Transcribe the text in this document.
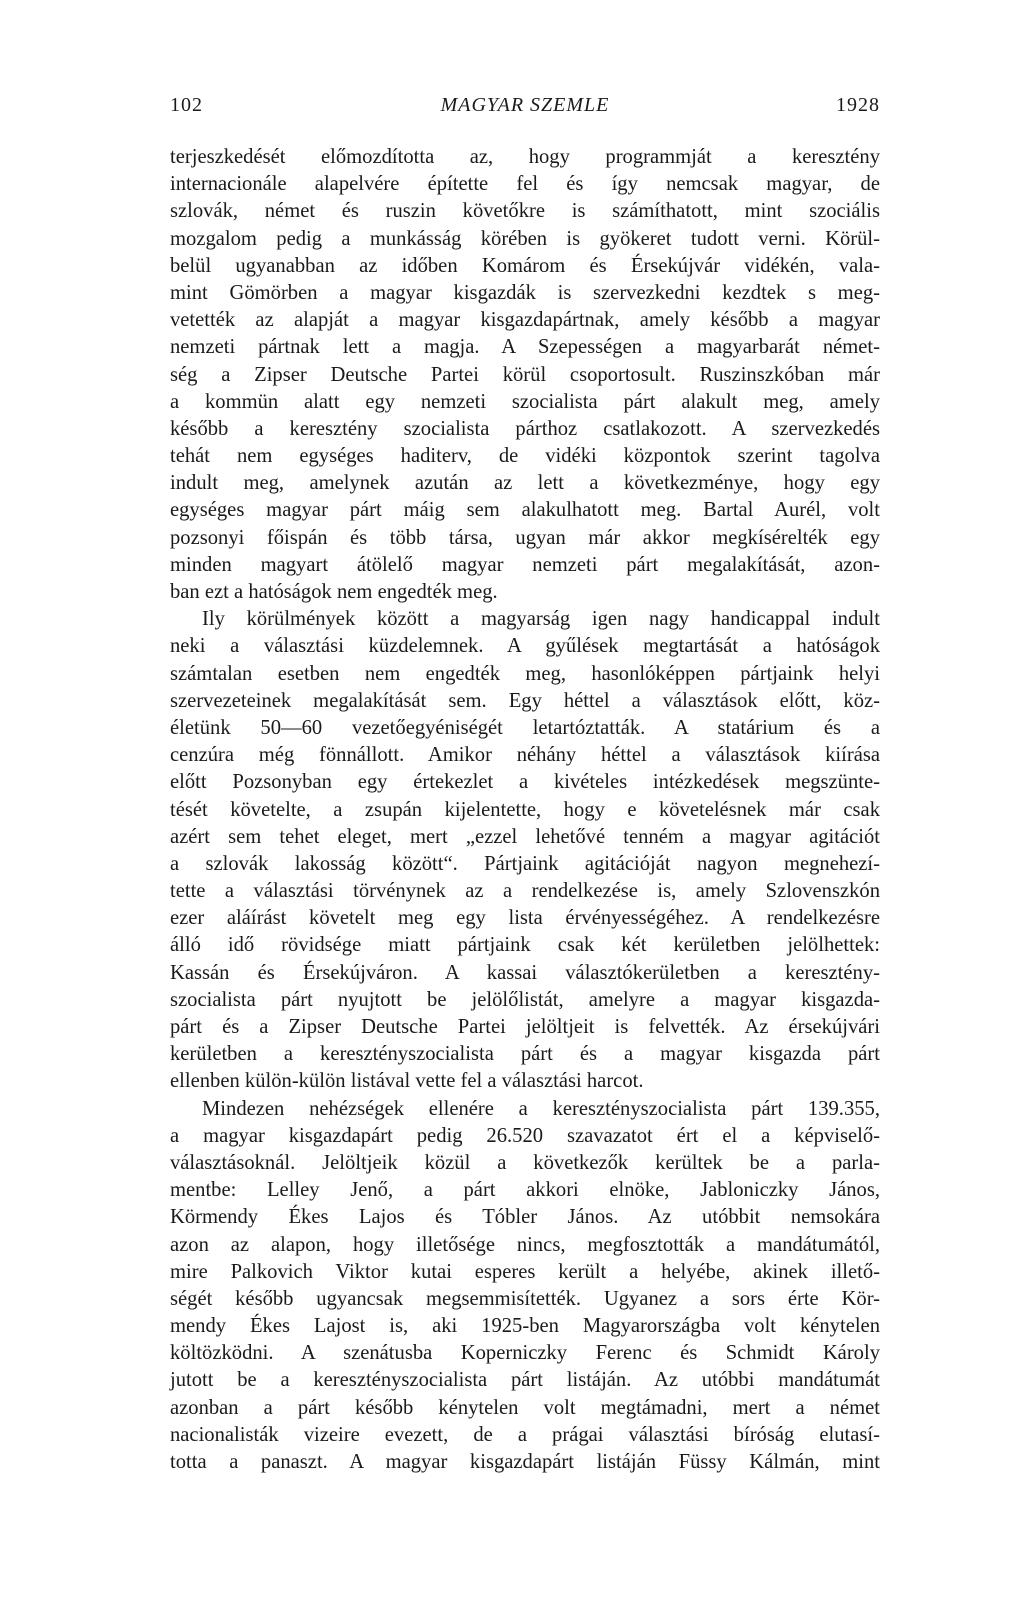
102	MAGYAR SZEMLE	1928
terjeszkedését előmozdította az, hogy programmját a keresztény
internacionále alapelvére építette fel és így nemcsak magyar, de
szlovák, német és ruszin követőkre is számíthatott, mint szociális
mozgalom pedig a munkásság körében is gyökeret tudott verni. Körül-
belül ugyanabban az időben Komárom és Érsekújvár vidékén, vala-
mint Gömörben a magyar kisgazdák is szervezkedni kezdtek s meg-
vetették az alapját a magyar kisgazdapártnak, amely később a magyar
nemzeti pártnak lett a magja. A Szepességen a magyarbarát német-
ség a Zipser Deutsche Partei körül csoportosult. Ruszinszkóban már
a kommün alatt egy nemzeti szocialista párt alakult meg, amely
később a keresztény szocialista párthoz csatlakozott. A szervezkedés
tehát nem egységes haditerv, de vidéki központok szerint tagolva
indult meg, amelynek azután az lett a következménye, hogy egy
egységes magyar párt máig sem alakulhatott meg. Bartal Aurél, volt
pozsonyi főispán és több társa, ugyan már akkor megkísérelték egy
minden magyart átölelő magyar nemzeti párt megalakítását, azon-
ban ezt a hatóságok nem engedték meg.
Ily körülmények között a magyarság igen nagy handicappal indult
neki a választási küzdelemnek. A gyűlések megtartását a hatóságok
számtalan esetben nem engedték meg, hasonlóképpen pártjaink helyi
szervezeteinek megalakítását sem. Egy héttel a választások előtt, köz-
életünk 50—60 vezetőegyéniségét letartóztatták. A statárium és a
cenzúra még fönnállott. Amikor néhány héttel a választások kiírása
előtt Pozsonyban egy értekezlet a kivételes intézkedések megszünte-
tését követelte, a zsupán kijelentette, hogy e követelésnek már csak
azért sem tehet eleget, mert „ezzel lehetővé tenném a magyar agitációt
a szlovák lakosság között“. Pártjaink agitációját nagyon megnehezí-
tette a választási törvénynek az a rendelkezése is, amely Szlovenszkón
ezer aláírást követelt meg egy lista érvényességéhez. A rendelkezésre
álló idő rövidsége miatt pártjaink csak két kerületben jelölhettek:
Kassán és Érsekújváron. A kassai választókerületben a keresztény-
szocialista párt nyujtott be jelölőlistát, amelyre a magyar kisgazda-
párt és a Zipser Deutsche Partei jelöltjeit is felvették. Az érsekújvári
kerületben a keresztényszocialista párt és a magyar kisgazda párt
ellenben külön-külön listával vette fel a választási harcot.
Mindezen nehézségek ellenére a keresztényszocialista párt 139.355,
a magyar kisgazdapárt pedig 26.520 szavazatot ért el a képviselő-
választásoknál. Jelöltjeik közül a következők kerültek be a parla-
mentbe: Lelley Jenő, a párt akkori elnöke, Jabloniczky János,
Körmendy Ékes Lajos és Tóbler János. Az utóbbit nemsokára
azon az alapon, hogy illetősége nincs, megfosztották a mandátumától,
mire Palkovich Viktor kutai esperes került a helyébe, akinek illető-
ségét később ugyancsak megsemmisítették. Ugyanez a sors érte Kör-
mendy Ékes Lajost is, aki 1925-ben Magyarországba volt kénytelen
költözködni. A szenátusba Koperniczky Ferenc és Schmidt Károly
jutott be a keresztényszocialista párt listáján. Az utóbbi mandátumát
azonban a párt később kénytelen volt megtámadni, mert a német
nacionalisták vizeire evezett, de a prágai választási bíróság elutasí-
totta a panaszt. A magyar kisgazdapárt listáján Füssy Kálmán, mint
